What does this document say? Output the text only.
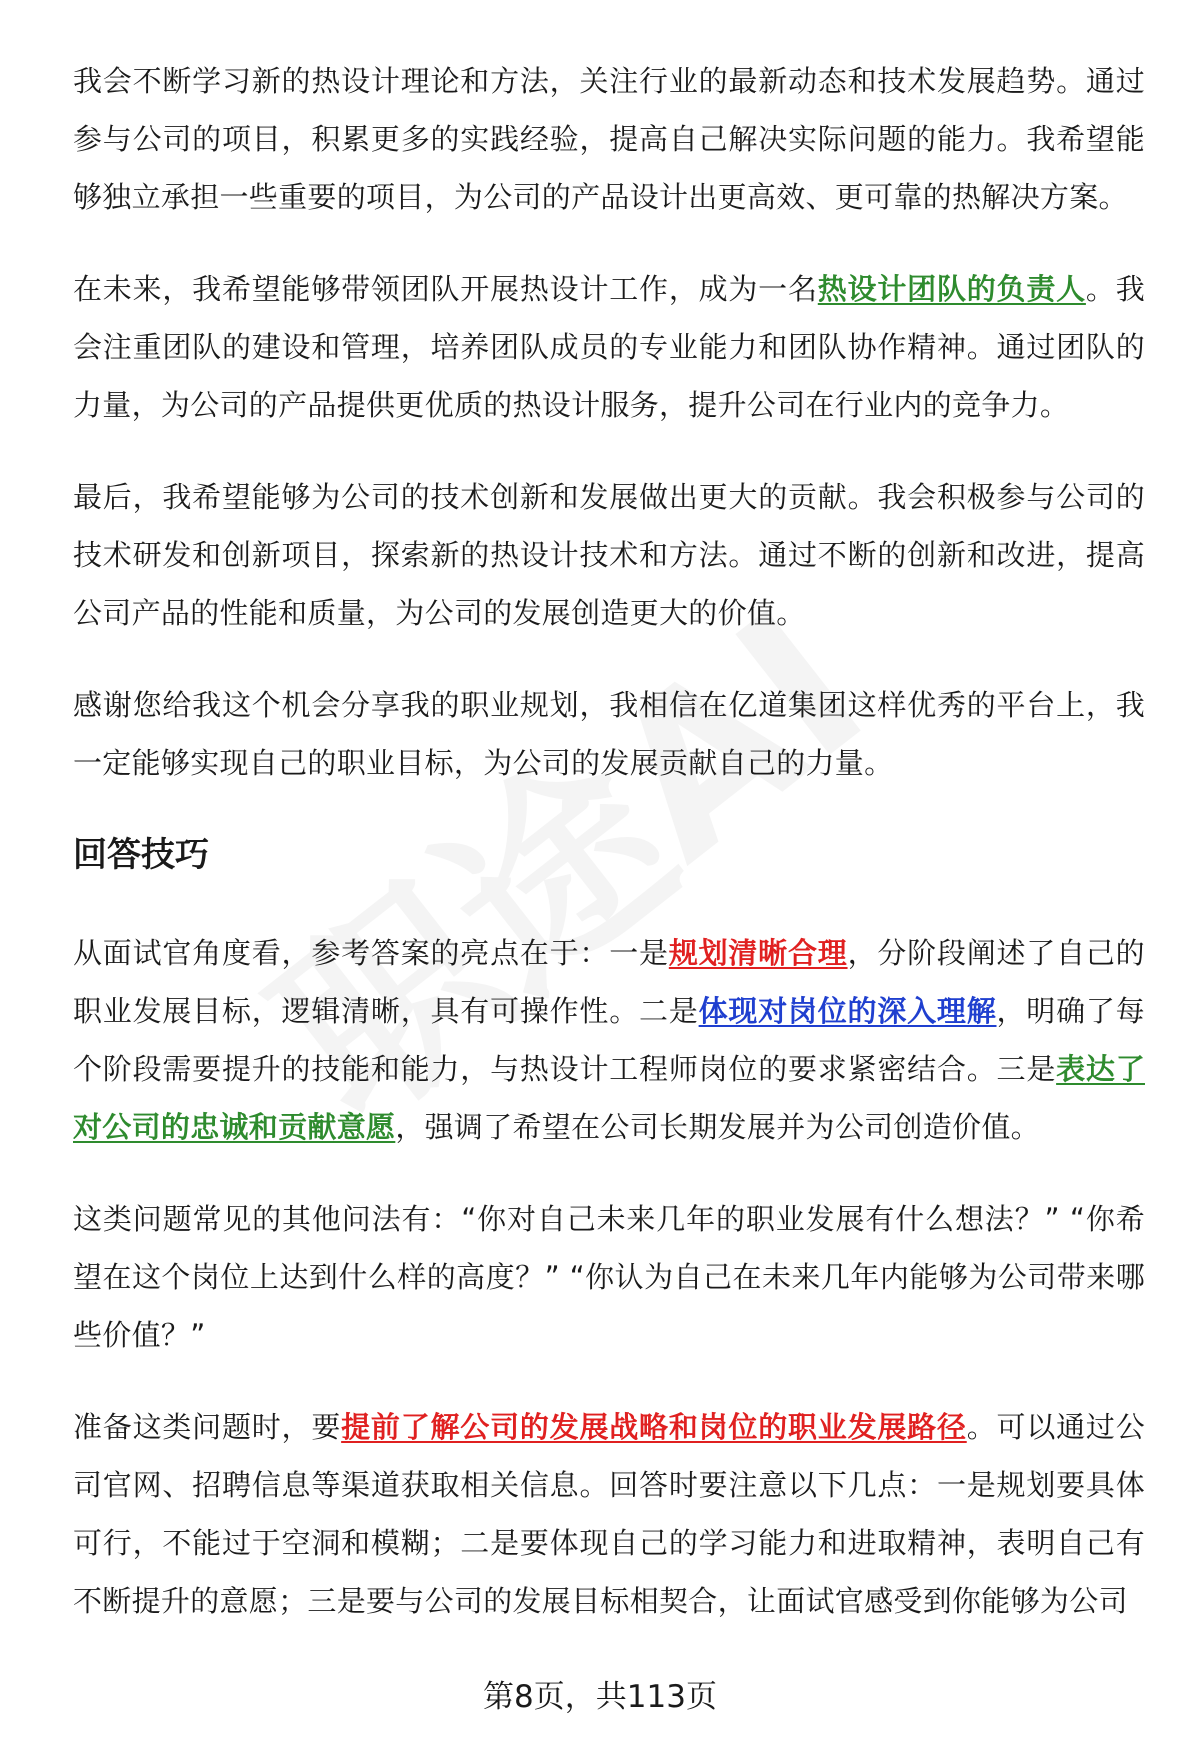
我会不断学习新的热设计理论和方法，关注行业的最新动态和技术发展趋势。通过参与公司的项目，积累更多的实践经验，提高自己解决实际问题的能力。我希望能够独立承担一些重要的项目，为公司的产品设计出更高效、更可靠的热解决方案。

在未来，我希望能够带领团队开展热设计工作，成为一名热设计团队的负责人。我会注重团队的建设和管理，培养团队成员的专业能力和团队协作精神。通过团队的力量，为公司的产品提供更优质的热设计服务，提升公司在行业内的竞争力。

最后，我希望能够为公司的技术创新和发展做出更大的贡献。我会积极参与公司的技术研发和创新项目，探索新的热设计技术和方法。通过不断的创新和改进，提高公司产品的性能和质量，为公司的发展创造更大的价值。

感谢您给我这个机会分享我的职业规划，我相信在亿道集团这样优秀的平台上，我一定能够实现自己的职业目标，为公司的发展贡献自己的力量。

回答技巧

从面试官角度看，参考答案的亮点在于：一是规划清晰合理，分阶段阐述了自己的职业发展目标，逻辑清晰，具有可操作性。二是体现对岗位的深入理解，明确了每个阶段需要提升的技能和能力，与热设计工程师岗位的要求紧密结合。三是表达了对公司的忠诚和贡献意愿，强调了希望在公司长期发展并为公司创造价值。

这类问题常见的其他问法有：“你对自己未来几年的职业发展有什么想法？” “你希望在这个岗位上达到什么样的高度？” “你认为自己在未来几年内能够为公司带来哪些价值？”

准备这类问题时，要提前了解公司的发展战略和岗位的职业发展路径。可以通过公司官网、招聘信息等渠道获取相关信息。回答时要注意以下几点：一是规划要具体可行，不能过于空洞和模糊；二是要体现自己的学习能力和进取精神，表明自己有不断提升的意愿；三是要与公司的发展目标相契合，让面试官感受到你能够为公司

第8页，共113页
